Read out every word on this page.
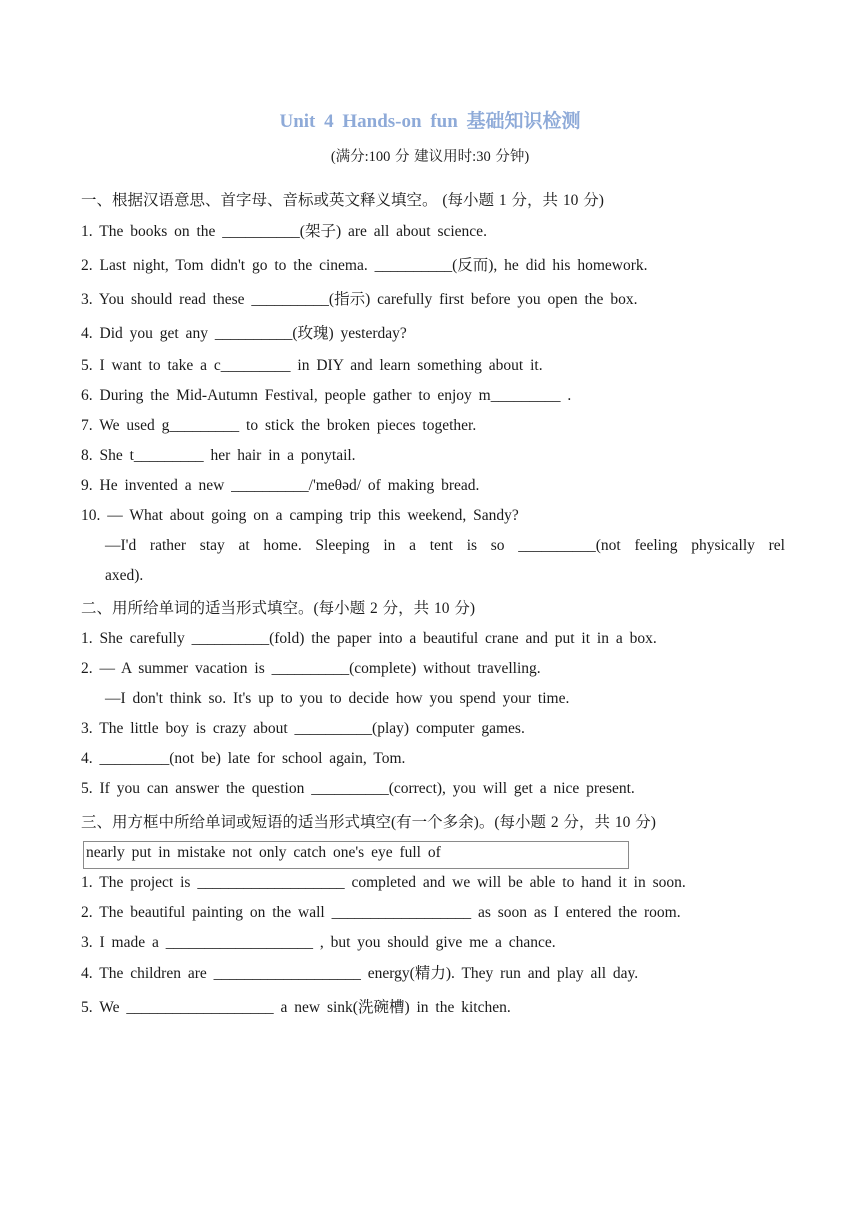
Unit 4 Hands-on fun 基础知识检测
(满分:100 分 建议用时:30 分钟)
一、根据汉语意思、首字母、音标或英文释义填空。 (每小题 1 分，共 10 分)
1. The books on the __________(架子) are all about science.
2. Last night, Tom didn't go to the cinema. __________(反而), he did his homework.
3. You should read these __________(指示) carefully first before you open the box.
4. Did you get any __________(玫瑰) yesterday?
5. I want to take a c_________ in DIY and learn something about it.
6. During the Mid-Autumn Festival, people gather to enjoy m_________ .
7. We used g_________ to stick the broken pieces together.
8. She t_________ her hair in a ponytail.
9. He invented a new __________/'meθəd/ of making bread.
10. — What about going on a camping trip this weekend, Sandy?
—I'd rather stay at home. Sleeping in a tent is so __________(not feeling physically rel
axed).
二、用所给单词的适当形式填空。(每小题 2 分，共 10 分)
1. She carefully __________(fold) the paper into a beautiful crane and put it in a box.
2. — A summer vacation is __________(complete) without travelling.
—I don't think so. It's up to you to decide how you spend your time.
3. The little boy is crazy about __________(play) computer games.
4. _________(not be) late for school again, Tom.
5. If you can answer the question __________(correct), you will get a nice present.
三、用方框中所给单词或短语的适当形式填空(有一个多余)。(每小题 2 分，共 10 分)
nearly put in mistake not only catch one's eye full of
1. The project is ___________________ completed and we will be able to hand it in soon.
2. The beautiful painting on the wall __________________ as soon as I entered the room.
3. I made a ___________________ , but you should give me a chance.
4. The children are ___________________ energy(精力). They run and play all day.
5. We ___________________ a new sink(洗碗槽) in the kitchen.
